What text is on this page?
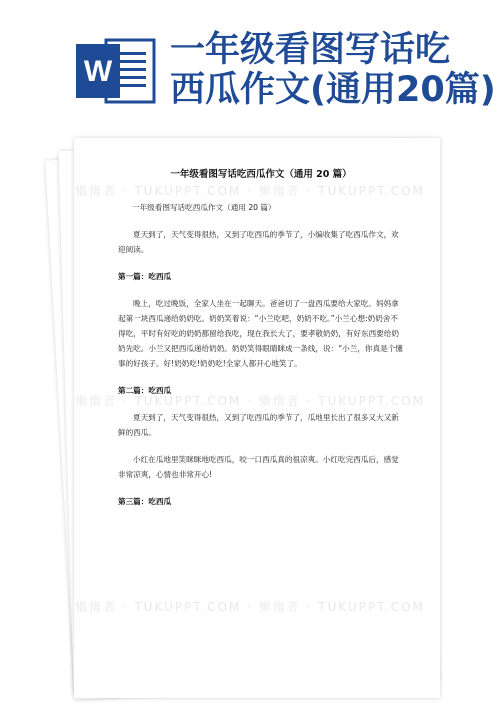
W
一年级看图写话吃
西瓜作文(通用20篇)
一年级看图写话吃西瓜作文（通用 20 篇）
一年级看图写话吃西瓜作文（通用 20 篇）
夏天到了，天气变得很热，又到了吃西瓜的季节了，小编收集了吃西瓜作文，欢迎阅读。
第一篇：吃西瓜
晚上，吃过晚饭，全家人坐在一起聊天。爸爸切了一盘西瓜要给大家吃。妈妈拿起第一块西瓜递给奶奶吃。奶奶笑着说：“小兰吃吧，奶奶不吃。”小兰心想:奶奶舍不得吃，平时有好吃的奶奶都留给我吃，现在我长大了，要孝敬奶奶，有好东西要给奶奶先吃。小兰又把西瓜递给奶奶。奶奶笑得眼睛眯成一条线，说：“小兰，你真是个懂事的好孩子。好!奶奶吃!奶奶吃!全家人都开心地笑了。
第二篇：吃西瓜
夏天到了，天气变得很热，又到了吃西瓜的季节了，瓜地里长出了很多又大又新鲜的西瓜。
小红在瓜地里笑眯眯地吃西瓜，咬一口西瓜真的很凉爽。小红吃完西瓜后，感觉非常凉爽，心情也非常开心!
第三篇：吃西瓜
懒惰者 · TUKUPPT.COM · 懒惰者 · TUKUPPT.COM
懒惰者 · TUKUPPT.COM · 懒惰者 · TUKUPPT.COM
懒惰者 · TUKUPPT.COM · 懒惰者 · TUKUPPT.COM
